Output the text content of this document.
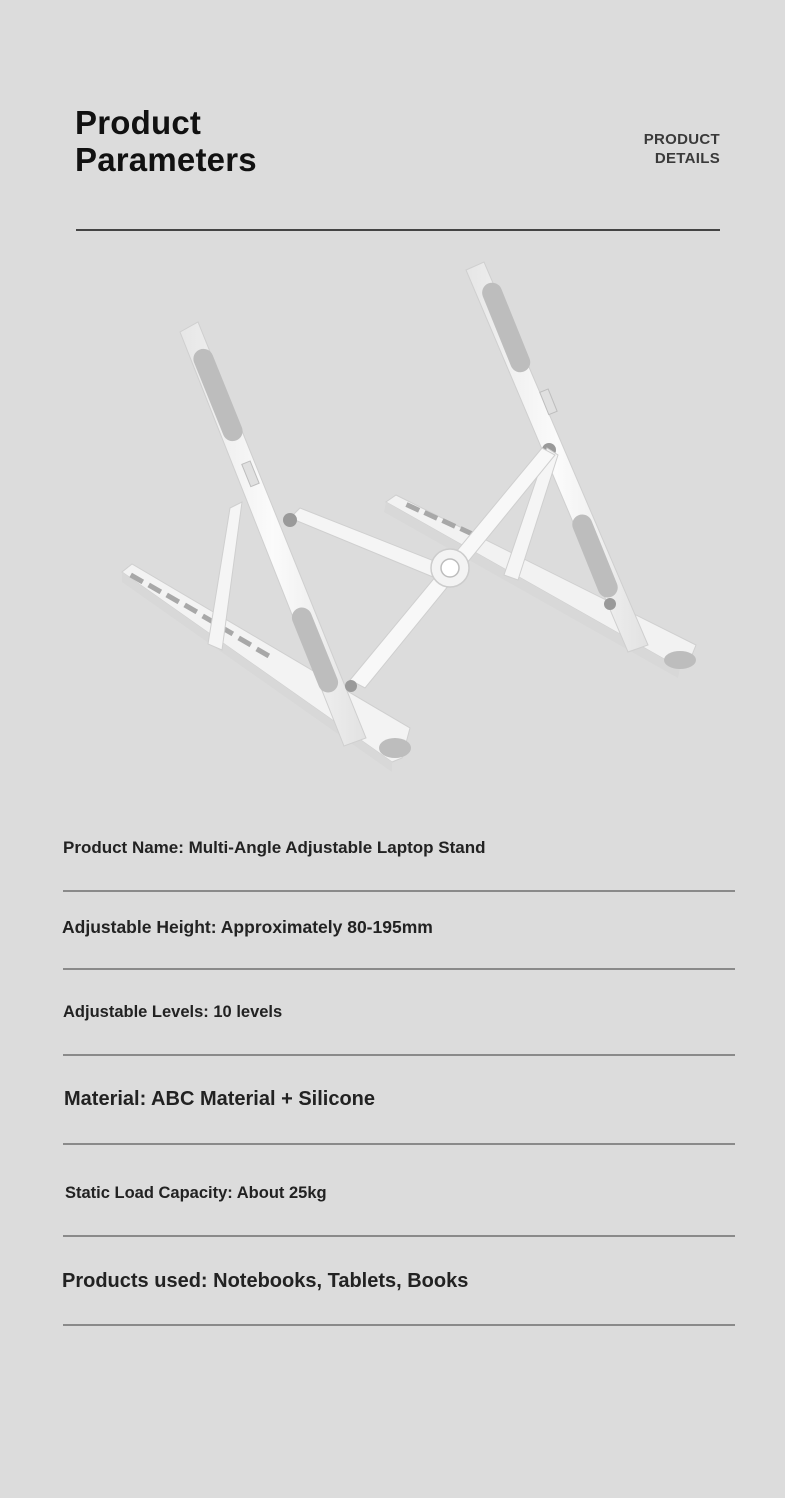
Product
Parameters
PRODUCT
DETAILS
Product Name: Multi-Angle Adjustable Laptop Stand
Adjustable Height: Approximately 80-195mm
Adjustable Levels: 10 levels
Material: ABC Material + Silicone
Static Load Capacity: About 25kg
Products used: Notebooks, Tablets, Books
